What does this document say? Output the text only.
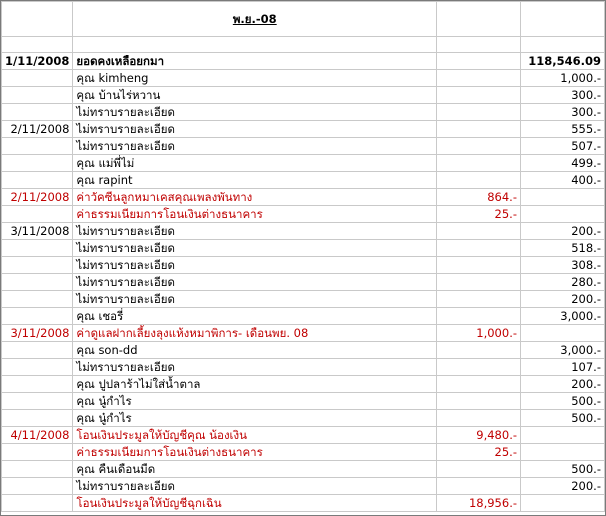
	พ.ย.-08		

1/11/2008	ยอดคงเหลือยกมา		118,546.09
	คุณ kimheng		1,000.-
	คุณ บ้านไร่หวาน		300.-
	ไม่ทราบรายละเอียด		300.-
2/11/2008	ไม่ทราบรายละเอียด		555.-
	ไม่ทราบรายละเอียด		507.-
	คุณ แม่พี่ไม่		499.-
	คุณ rapint		400.-
2/11/2008	ค่าวัคซีนลูกหมาเคสคุณเพลงพันทาง	864.-	
	ค่าธรรมเนียมการโอนเงินต่างธนาคาร	25.-	
3/11/2008	ไม่ทราบรายละเอียด		200.-
	ไม่ทราบรายละเอียด		518.-
	ไม่ทราบรายละเอียด		308.-
	ไม่ทราบรายละเอียด		280.-
	ไม่ทราบรายละเอียด		200.-
	คุณ เชอรี่		3,000.-
3/11/2008	ค่าดูแลฝากเลี้ยงลุงแห้งหมาพิการ- เดือนพย. 08	1,000.-	
	คุณ son-dd		3,000.-
	ไม่ทราบรายละเอียด		107.-
	คุณ ปูปลาร้าไม่ใส่น้ำตาล		200.-
	คุณ นู๋กำไร		500.-
	คุณ นู๋กำไร		500.-
4/11/2008	โอนเงินประมูลให้บัญชีคุณ น้องเงิน	9,480.-	
	ค่าธรรมเนียมการโอนเงินต่างธนาคาร	25.-	
	คุณ คืนเดือนมืด		500.-
	ไม่ทราบรายละเอียด		200.-
	โอนเงินประมูลให้บัญชีฉุกเฉิน	18,956.-	
